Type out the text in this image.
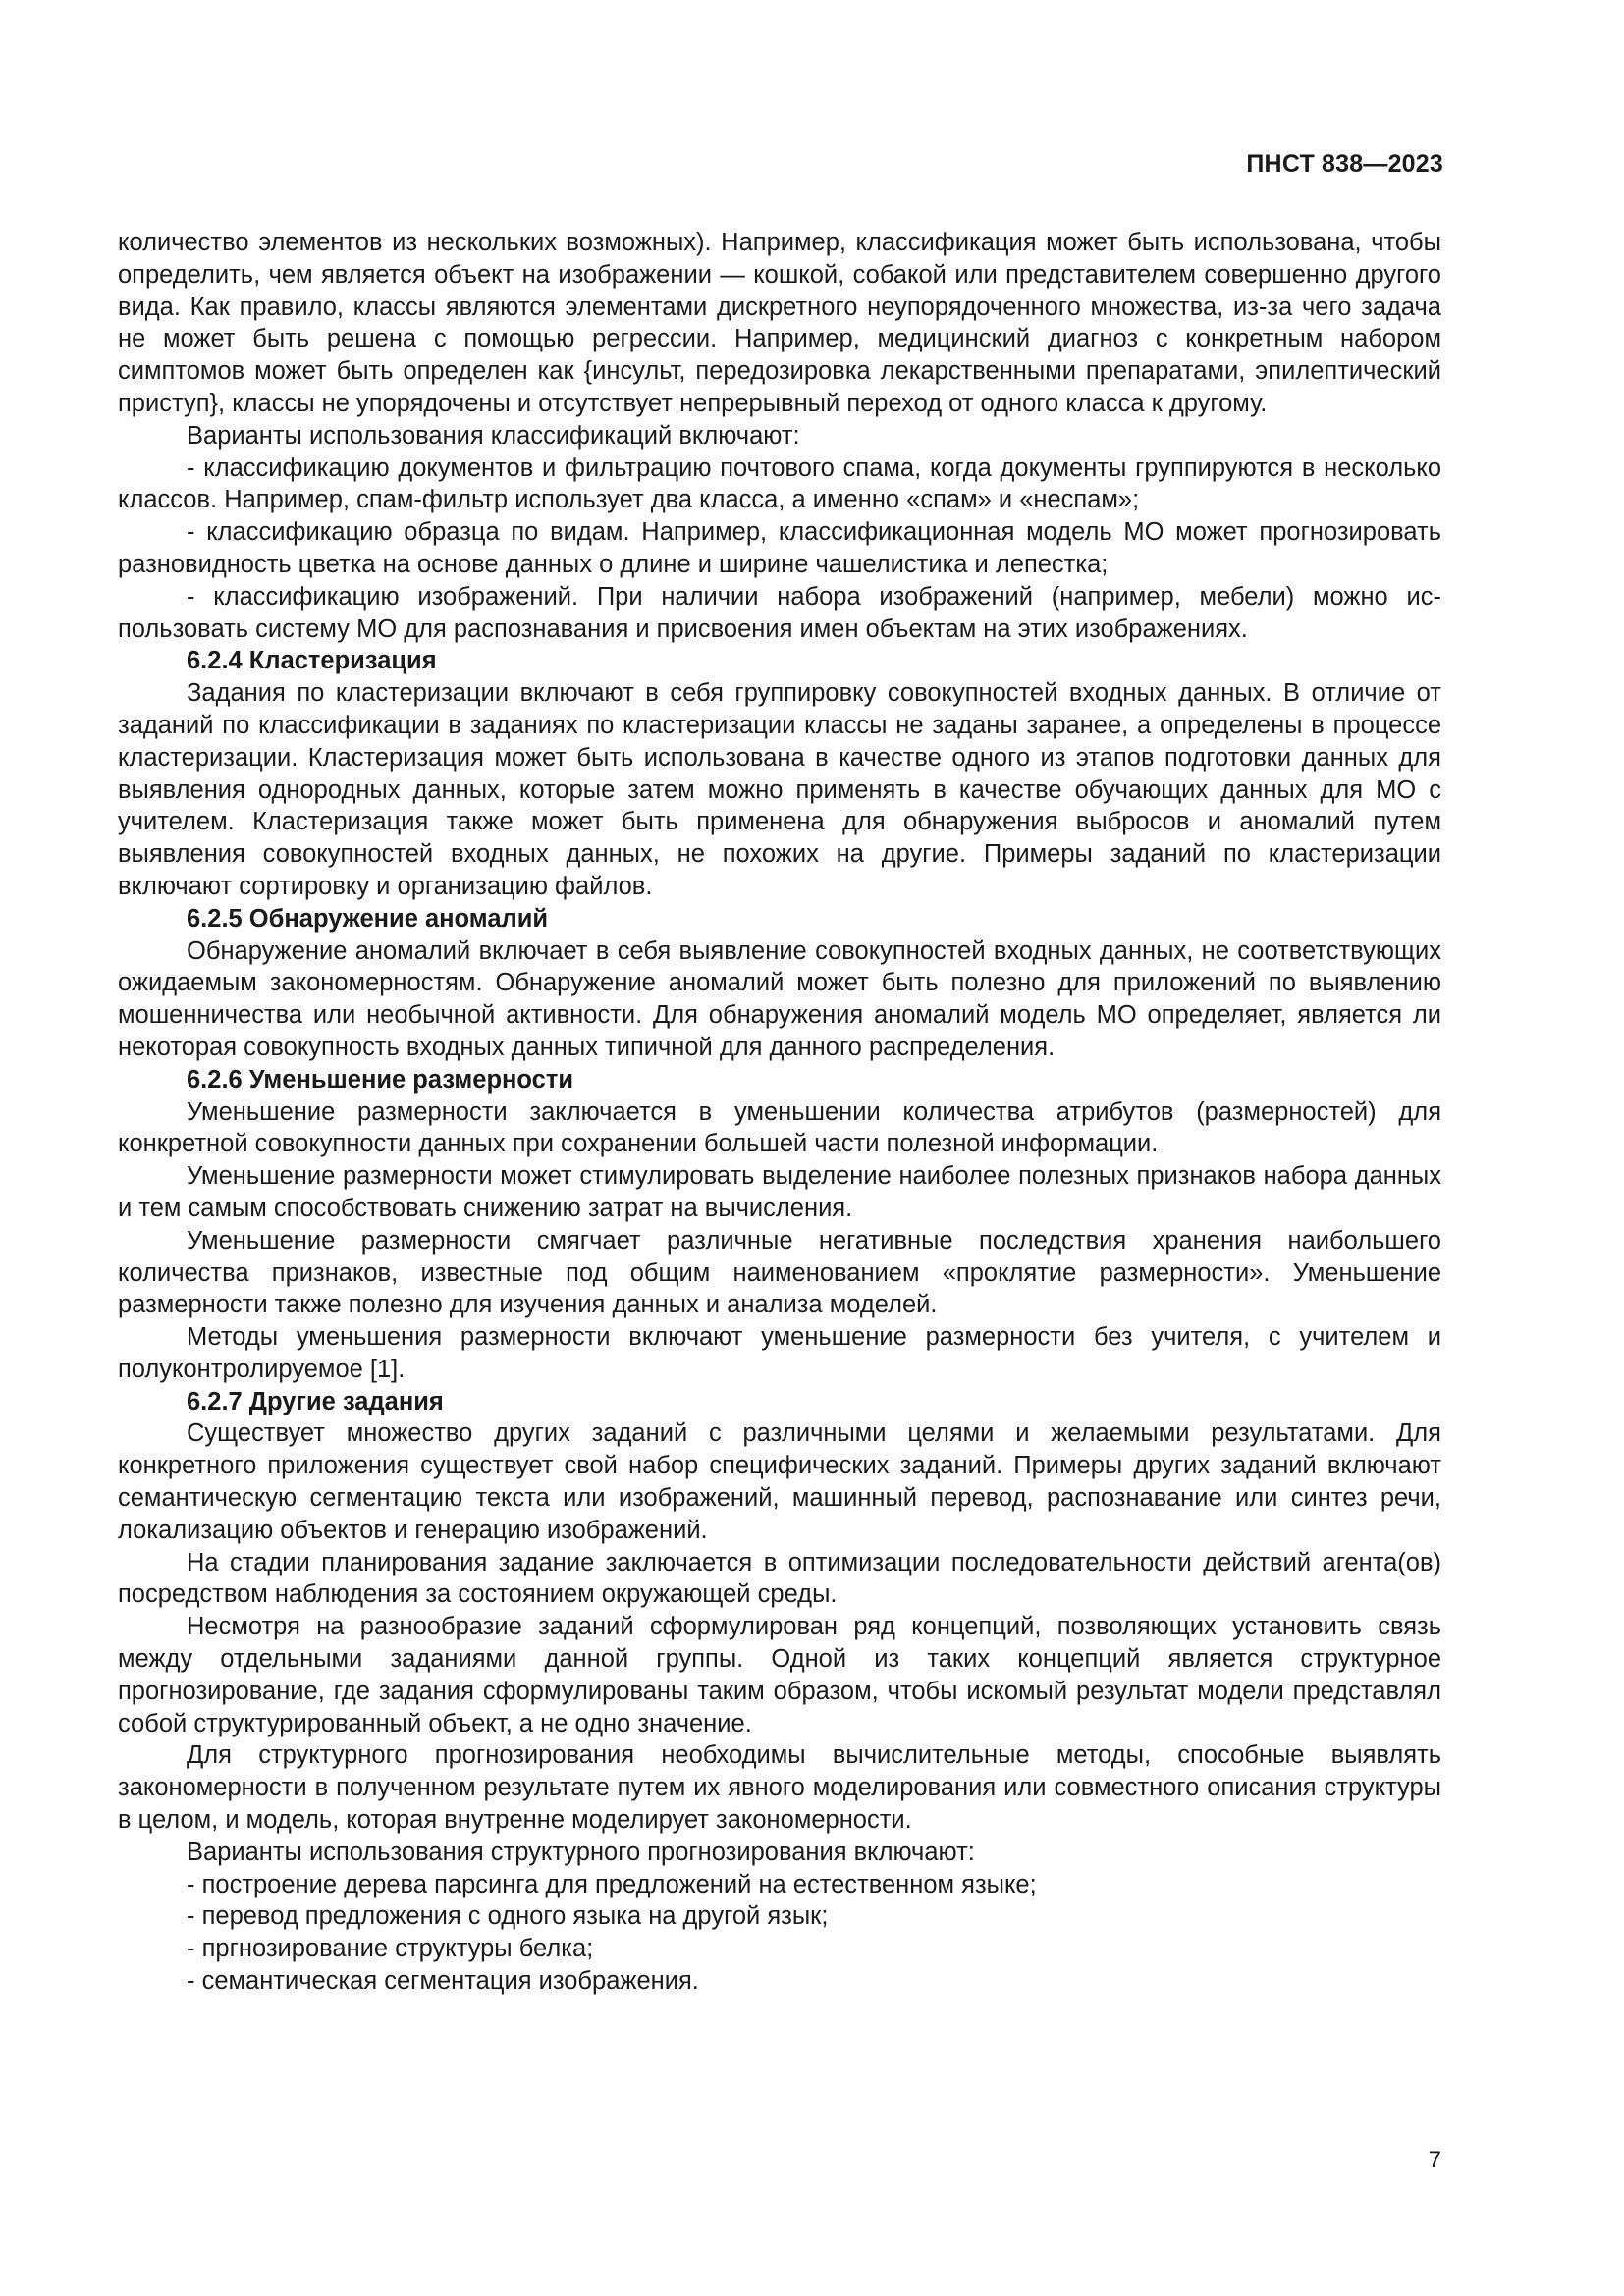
ПНСТ 838—2023

количество элементов из нескольких возможных). Например, классификация может быть использована, чтобы определить, чем является объект на изображении — кошкой, собакой или представителем совершенно другого вида. Как правило, классы являются элементами дискретного неупорядоченного множества, из-за чего задача не может быть решена с помощью регрессии. Например, медицинский диагноз с конкретным набором симптомов может быть определен как {инсульт, передозировка лекарственными препаратами, эпилептический приступ}, классы не упорядочены и отсутствует непрерывный переход от одного класса к другому.

Варианты использования классификаций включают:

- классификацию документов и фильтрацию почтового спама, когда документы группируются в несколько классов. Например, спам-фильтр использует два класса, а именно «спам» и «неспам»;

- классификацию образца по видам. Например, классификационная модель МО может прогнозировать разновидность цветка на основе данных о длине и ширине чашелистика и лепестка;

- классификацию изображений. При наличии набора изображений (например, мебели) можно использовать систему МО для распознавания и присвоения имен объектам на этих изображениях.

6.2.4 Кластеризация

Задания по кластеризации включают в себя группировку совокупностей входных данных. В отличие от заданий по классификации в заданиях по кластеризации классы не заданы заранее, а определены в процессе кластеризации. Кластеризация может быть использована в качестве одного из этапов подготовки данных для выявления однородных данных, которые затем можно применять в качестве обучающих данных для МО с учителем. Кластеризация также может быть применена для обнаружения выбросов и аномалий путем выявления совокупностей входных данных, не похожих на другие. Примеры заданий по кластеризации включают сортировку и организацию файлов.

6.2.5 Обнаружение аномалий

Обнаружение аномалий включает в себя выявление совокупностей входных данных, не соответствующих ожидаемым закономерностям. Обнаружение аномалий может быть полезно для приложений по выявлению мошенничества или необычной активности. Для обнаружения аномалий модель МО определяет, является ли некоторая совокупность входных данных типичной для данного распределения.

6.2.6 Уменьшение размерности

Уменьшение размерности заключается в уменьшении количества атрибутов (размерностей) для конкретной совокупности данных при сохранении большей части полезной информации.

Уменьшение размерности может стимулировать выделение наиболее полезных признаков набора данных и тем самым способствовать снижению затрат на вычисления.

Уменьшение размерности смягчает различные негативные последствия хранения наибольшего количества признаков, известные под общим наименованием «проклятие размерности». Уменьшение размерности также полезно для изучения данных и анализа моделей.

Методы уменьшения размерности включают уменьшение размерности без учителя, с учителем и полуконтролируемое [1].

6.2.7 Другие задания

Существует множество других заданий с различными целями и желаемыми результатами. Для конкретного приложения существует свой набор специфических заданий. Примеры других заданий включают семантическую сегментацию текста или изображений, машинный перевод, распознавание или синтез речи, локализацию объектов и генерацию изображений.

На стадии планирования задание заключается в оптимизации последовательности действий агента(ов) посредством наблюдения за состоянием окружающей среды.

Несмотря на разнообразие заданий сформулирован ряд концепций, позволяющих установить связь между отдельными заданиями данной группы. Одной из таких концепций является структурное прогнозирование, где задания сформулированы таким образом, чтобы искомый результат модели представлял собой структурированный объект, а не одно значение.

Для структурного прогнозирования необходимы вычислительные методы, способные выявлять закономерности в полученном результате путем их явного моделирования или совместного описания структуры в целом, и модель, которая внутренне моделирует закономерности.

Варианты использования структурного прогнозирования включают:

- построение дерева парсинга для предложений на естественном языке;

- перевод предложения с одного языка на другой язык;

- пргнозирование структуры белка;

- семантическая сегментация изображения.

7
